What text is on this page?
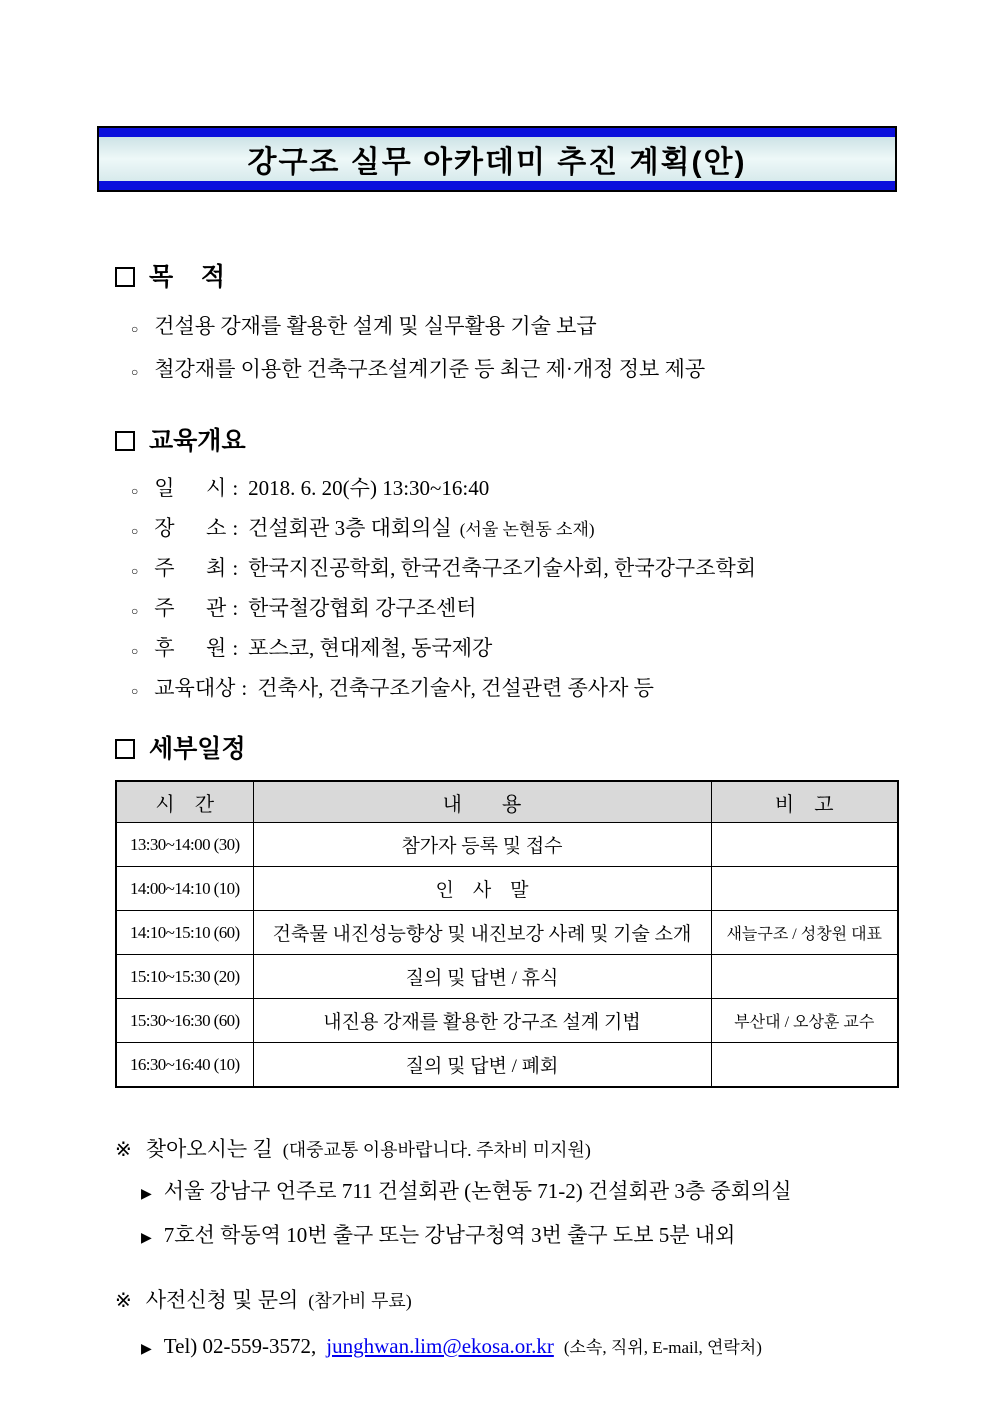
강구조 실무 아카데미 추진 계획(안)
목    적
○ 건설용 강재를 활용한 설계 및 실무활용 기술 보급
○ 철강재를 이용한 건축구조설계기준 등 최근 제·개정 정보 제공
교육개요
○ 일      시 : 2018. 6. 20(수) 13:30~16:40
○ 장      소 : 건설회관 3층 대회의실 (서울 논현동 소재)
○ 주      최 : 한국지진공학회, 한국건축구조기술사회, 한국강구조학회
○ 주      관 : 한국철강협회 강구조센터
○ 후      원 : 포스코, 현대제철, 동국제강
○ 교육대상 : 건축사, 건축구조기술사, 건설관련 종사자 등
세부일정
시    간	내        용	비    고
13:30~14:00 (30)	참가자 등록 및 접수	
14:00~14:10 (10)	인    사    말	
14:10~15:10 (60)	건축물 내진성능향상 및 내진보강 사례 및 기술 소개	새늘구조 / 성창원 대표
15:10~15:30 (20)	질의 및 답변 / 휴식	
15:30~16:30 (60)	내진용 강재를 활용한 강구조 설계 기법	부산대 / 오상훈 교수
16:30~16:40 (10)	질의 및 답변 / 폐회	
※ 찾아오시는 길 (대중교통 이용바랍니다. 주차비 미지원)
▶ 서울 강남구 언주로 711 건설회관 (논현동 71-2) 건설회관 3층 중회의실
▶ 7호선 학동역 10번 출구 또는 강남구청역 3번 출구 도보 5분 내외
※ 사전신청 및 문의 (참가비 무료)
▶ Tel) 02-559-3572, junghwan.lim@ekosa.or.kr (소속, 직위, E-mail, 연락처)
